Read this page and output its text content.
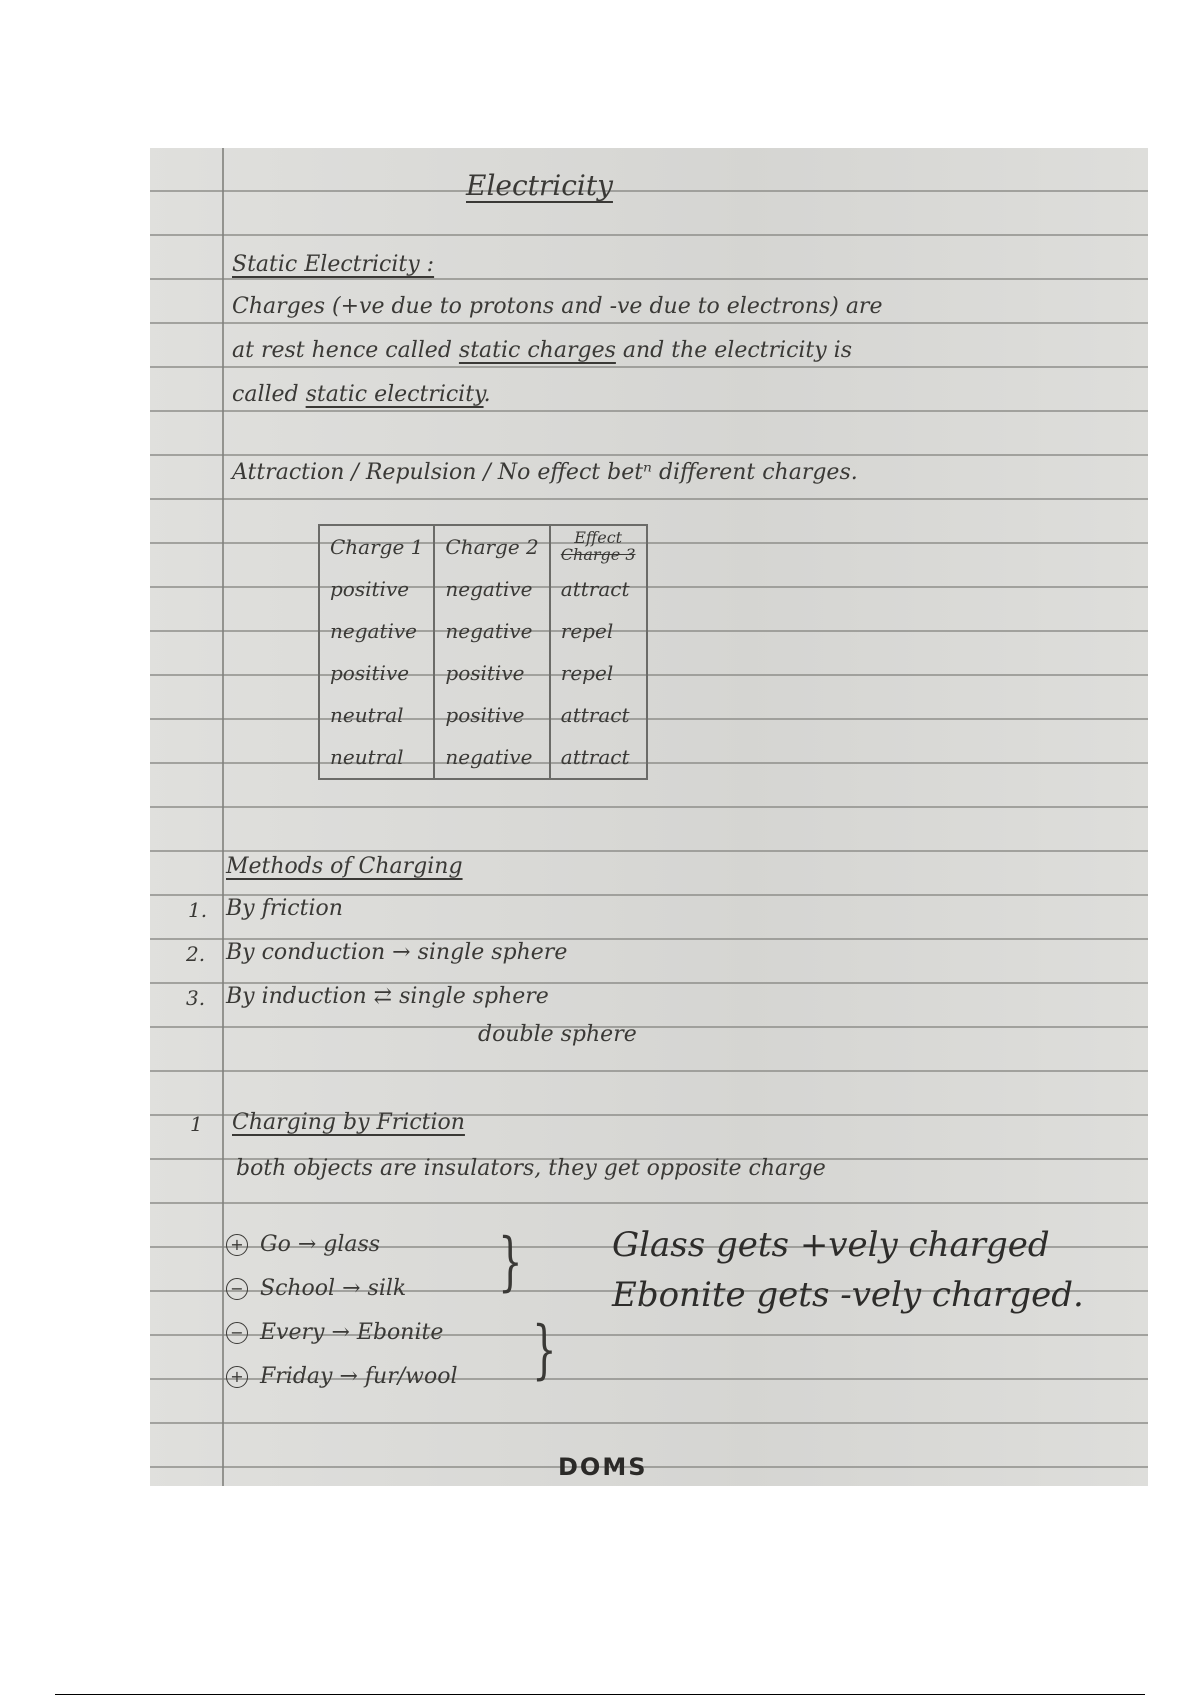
Electricity
Static Electricity :
Charges (+ve due to protons and -ve due to electrons) are
at rest hence called static charges and the electricity is
called static electricity.
Attraction / Repulsion / No effect betⁿ different charges.
Charge 1	Charge 2	Effect
Charge 3

positive	negative	attract
negative	negative	repel
positive	positive	repel
neutral	positive	attract
neutral	negative	attract
Methods of Charging
1. By friction
2. By conduction → single sphere
3. By induction ⇄ single sphere
double sphere
1 Charging by Friction
both objects are insulators, they get opposite charge
+ Go → glass
− School → silk
− Every → Ebonite
+ Friday → fur/wool
}
}
Glass gets +vely charged
Ebonite gets -vely charged.
DOMS
